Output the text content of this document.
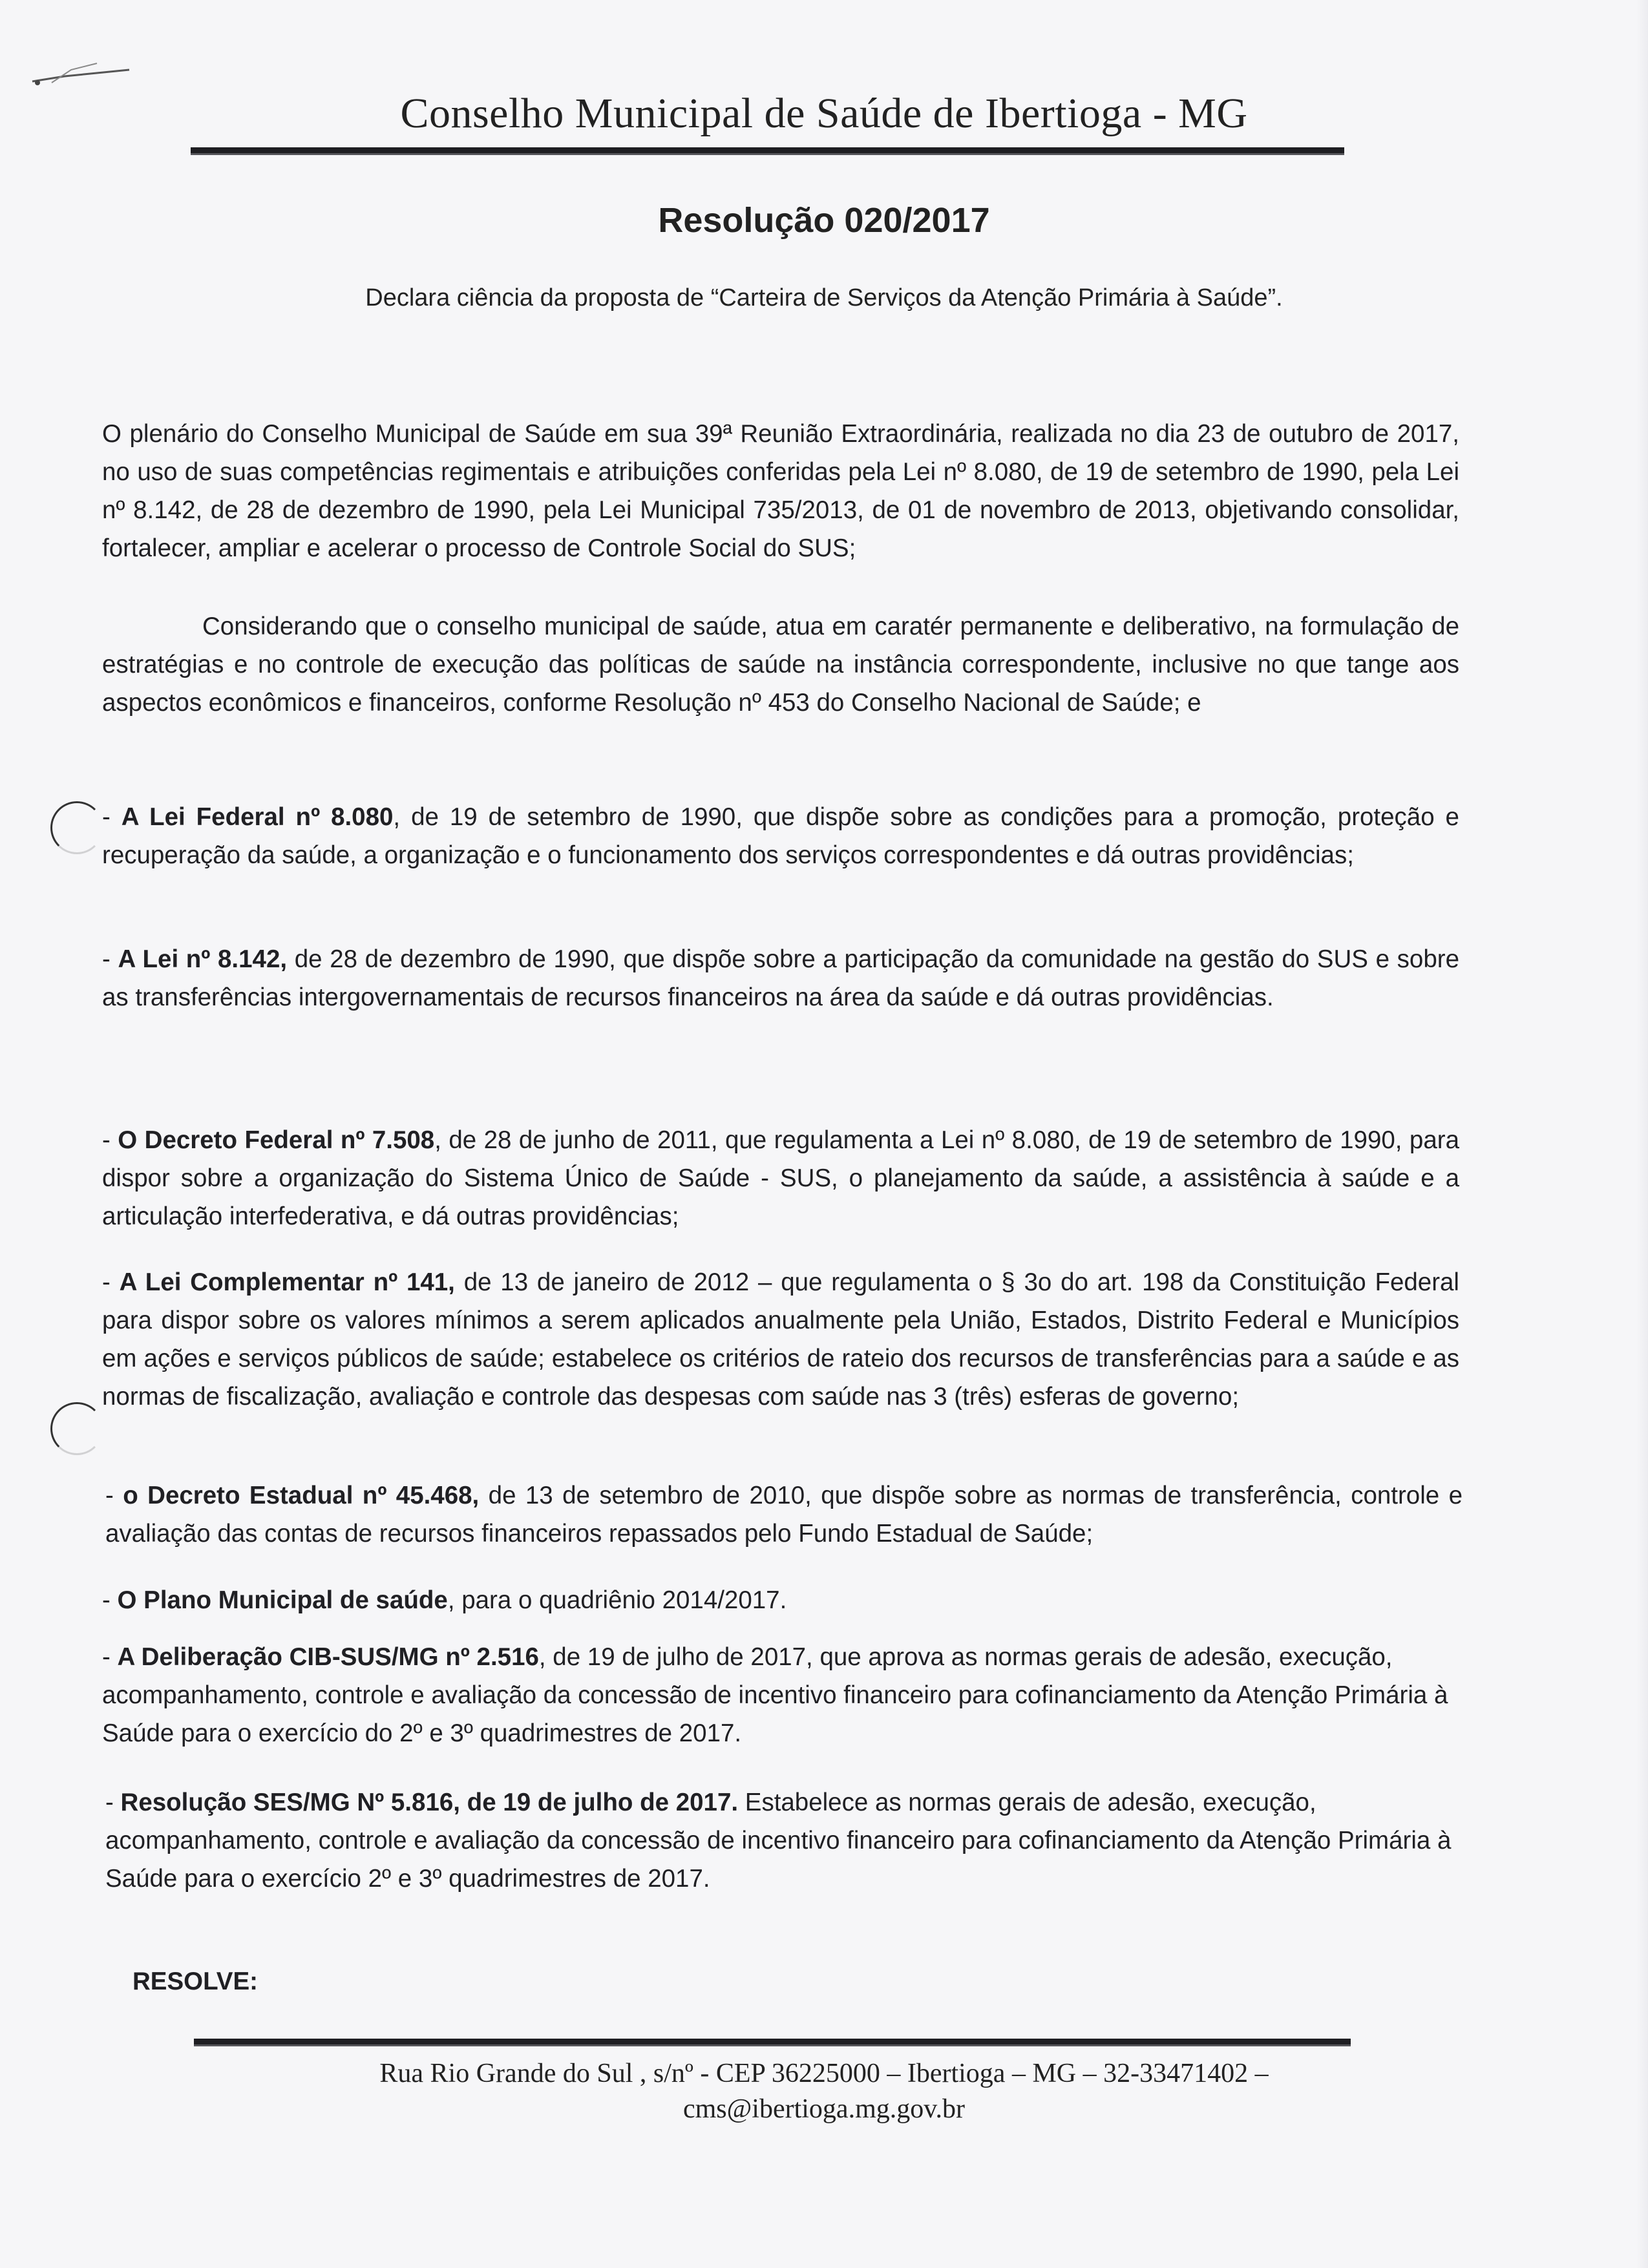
Conselho Municipal de Saúde de Ibertioga - MG
Resolução 020/2017
Declara ciência da proposta de “Carteira de Serviços da Atenção Primária à Saúde”.
O plenário do Conselho Municipal de Saúde em sua 39ª Reunião Extraordinária, realizada no dia 23 de outubro de 2017, no uso de suas competências regimentais e atribuições conferidas pela Lei nº 8.080, de 19 de setembro de 1990, pela Lei nº 8.142, de 28 de dezembro de 1990, pela Lei Municipal 735/2013, de 01 de novembro de 2013, objetivando consolidar, fortalecer, ampliar e acelerar o processo de Controle Social do SUS;
Considerando que o conselho municipal de saúde, atua em caratér permanente e deliberativo, na formulação de estratégias e no controle de execução das políticas de saúde na instância correspondente, inclusive no que tange aos aspectos econômicos e financeiros, conforme Resolução nº 453 do Conselho Nacional de Saúde; e
- A Lei Federal nº 8.080, de 19 de setembro de 1990, que dispõe sobre as condições para a promoção, proteção e recuperação da saúde, a organização e o funcionamento dos serviços correspondentes e dá outras providências;
- A Lei nº 8.142, de 28 de dezembro de 1990, que dispõe sobre a participação da comunidade na gestão do SUS e sobre as transferências intergovernamentais de recursos financeiros na área da saúde e dá outras providências.
- O Decreto Federal nº 7.508, de 28 de junho de 2011, que regulamenta a Lei nº 8.080, de 19 de setembro de 1990, para dispor sobre a organização do Sistema Único de Saúde - SUS, o planejamento da saúde, a assistência à saúde e a articulação interfederativa, e dá outras providências;
- A Lei Complementar nº 141, de 13 de janeiro de 2012 – que regulamenta o § 3o do art. 198 da Constituição Federal para dispor sobre os valores mínimos a serem aplicados anualmente pela União, Estados, Distrito Federal e Municípios em ações e serviços públicos de saúde; estabelece os critérios de rateio dos recursos de transferências para a saúde e as normas de fiscalização, avaliação e controle das despesas com saúde nas 3 (três) esferas de governo;
- o Decreto Estadual nº 45.468, de 13 de setembro de 2010, que dispõe sobre as normas de transferência, controle e avaliação das contas de recursos financeiros repassados pelo Fundo Estadual de Saúde;
- O Plano Municipal de saúde, para o quadriênio 2014/2017.
- A Deliberação CIB-SUS/MG nº 2.516, de 19 de julho de 2017, que aprova as normas gerais de adesão, execução, acompanhamento, controle e avaliação da concessão de incentivo financeiro para cofinanciamento da Atenção Primária à Saúde para o exercício do 2º e 3º quadrimestres de 2017.
- Resolução SES/MG Nº 5.816, de 19 de julho de 2017. Estabelece as normas gerais de adesão, execução, acompanhamento, controle e avaliação da concessão de incentivo financeiro para cofinanciamento da Atenção Primária à Saúde para o exercício 2º e 3º quadrimestres de 2017.
RESOLVE:
Rua Rio Grande do Sul , s/nº - CEP 36225000 – Ibertioga – MG – 32-33471402 –
cms@ibertioga.mg.gov.br
